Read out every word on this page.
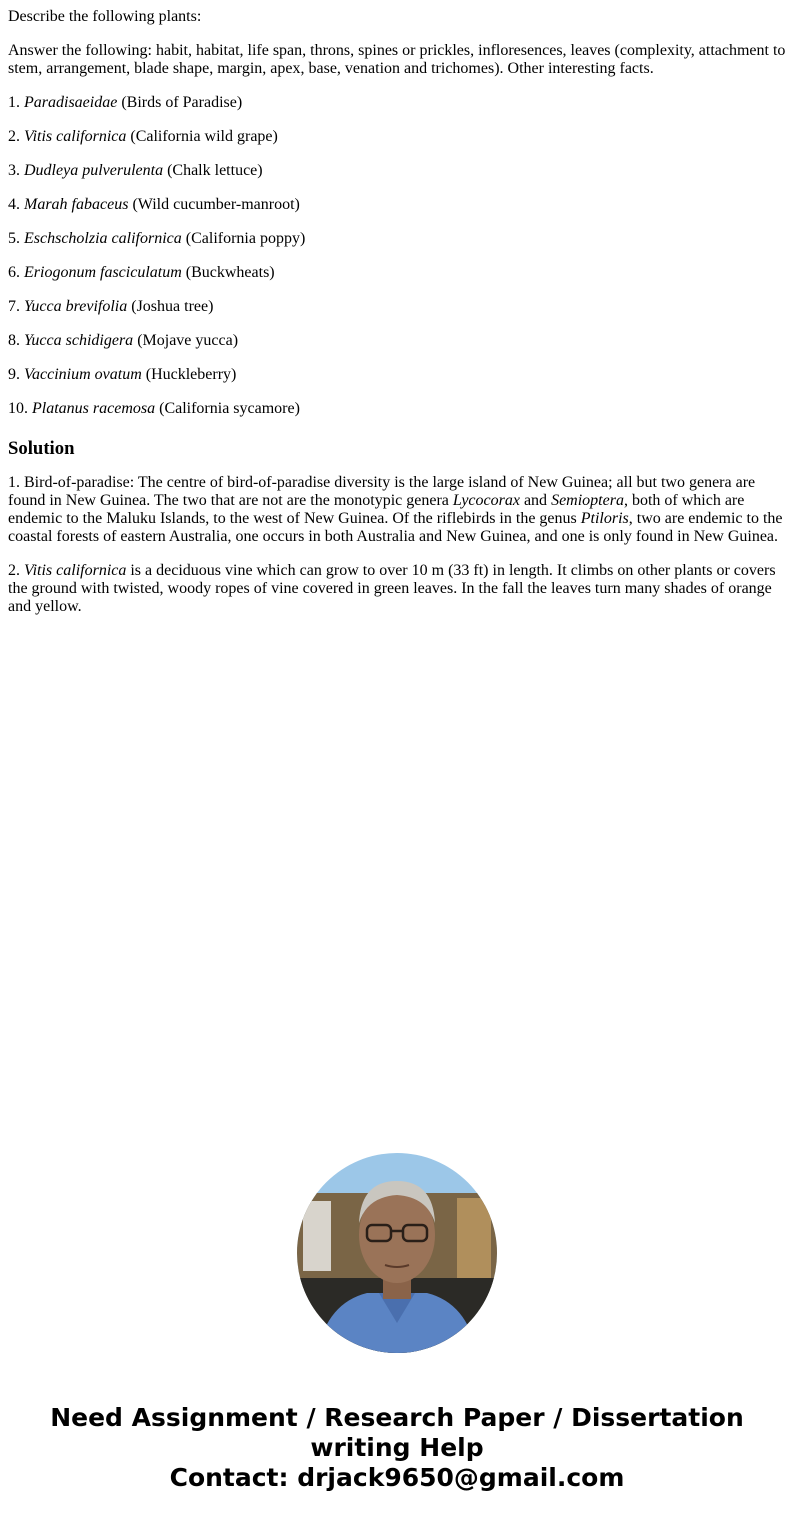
Describe the following plants:

Answer the following: habit, habitat, life span, throns, spines or prickles, infloresences, leaves (complexity, attachment to stem, arrangement, blade shape, margin, apex, base, venation and trichomes). Other interesting facts.

1. Paradisaeidae (Birds of Paradise)

2. Vitis californica (California wild grape)

3. Dudleya pulverulenta (Chalk lettuce)

4. Marah fabaceus (Wild cucumber-manroot)

5. Eschscholzia californica (California poppy)

6. Eriogonum fasciculatum (Buckwheats)

7. Yucca brevifolia (Joshua tree)

8. Yucca schidigera (Mojave yucca)

9. Vaccinium ovatum (Huckleberry)

10. Platanus racemosa (California sycamore)

Solution

1. Bird-of-paradise: The centre of bird-of-paradise diversity is the large island of New Guinea; all but two genera are found in New Guinea. The two that are not are the monotypic genera Lycocorax and Semioptera, both of which are endemic to the Maluku Islands, to the west of New Guinea. Of the riflebirds in the genus Ptiloris, two are endemic to the coastal forests of eastern Australia, one occurs in both Australia and New Guinea, and one is only found in New Guinea.

2. Vitis californica is a deciduous vine which can grow to over 10 m (33 ft) in length. It climbs on other plants or covers the ground with twisted, woody ropes of vine covered in green leaves. In the fall the leaves turn many shades of orange and yellow.

Need Assignment / Research Paper / Dissertation
writing Help
Contact: drjack9650@gmail.com
